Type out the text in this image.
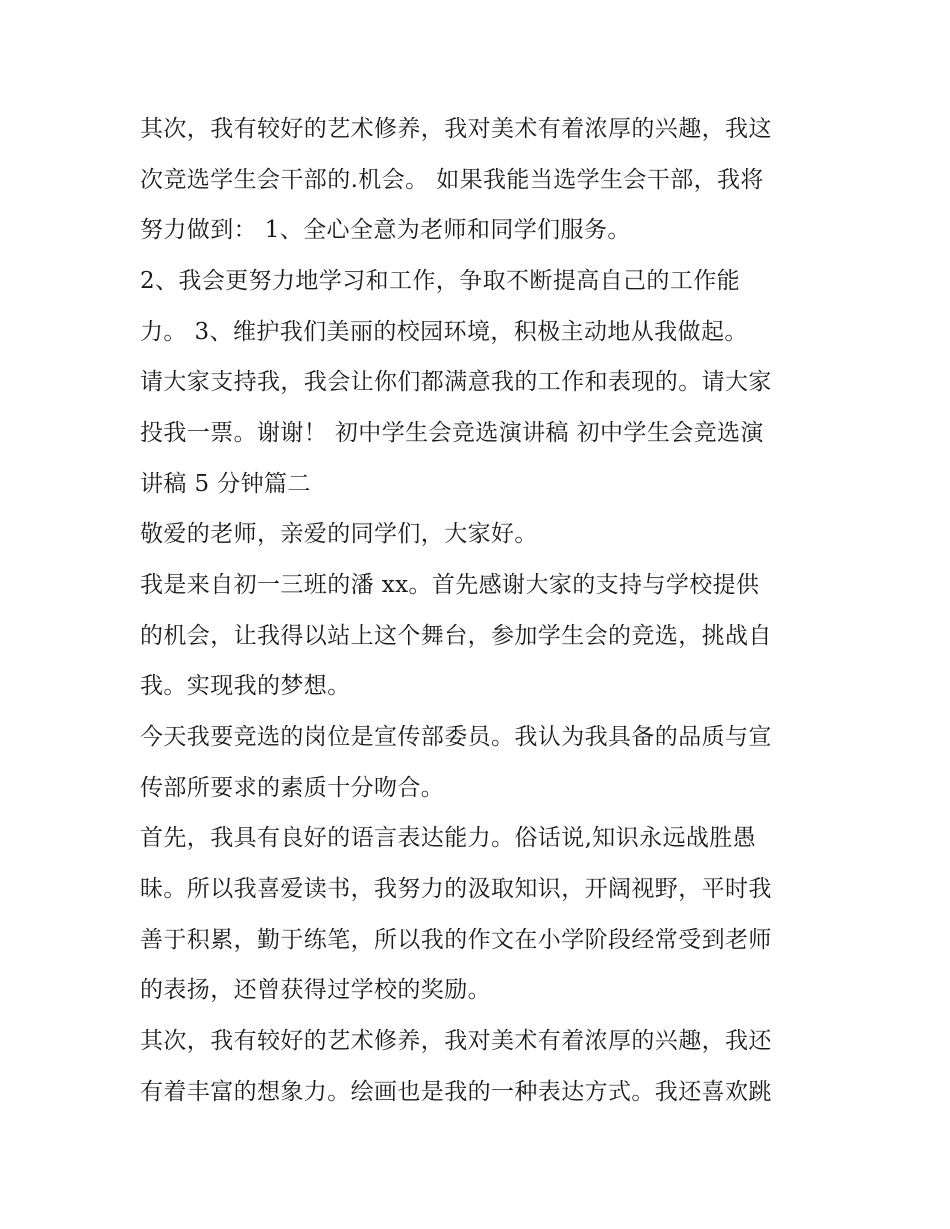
其次，我有较好的艺术修养，我对美术有着浓厚的兴趣，我这
次竞选学生会干部的.机会。 如果我能当选学生会干部，我将
努力做到： 1、全心全意为老师和同学们服务。
2、我会更努力地学习和工作，争取不断提高自己的工作能
力。 3、维护我们美丽的校园环境，积极主动地从我做起。
请大家支持我，我会让你们都满意我的工作和表现的。请大家
投我一票。谢谢！ 初中学生会竞选演讲稿 初中学生会竞选演
讲稿 5 分钟篇二
敬爱的老师，亲爱的同学们，大家好。
我是来自初一三班的潘 xx。首先感谢大家的支持与学校提供
的机会，让我得以站上这个舞台，参加学生会的竞选，挑战自
我。实现我的梦想。
今天我要竞选的岗位是宣传部委员。我认为我具备的品质与宣
传部所要求的素质十分吻合。
首先，我具有良好的语言表达能力。俗话说,知识永远战胜愚
昧。所以我喜爱读书，我努力的汲取知识，开阔视野，平时我
善于积累，勤于练笔，所以我的作文在小学阶段经常受到老师
的表扬，还曾获得过学校的奖励。
其次，我有较好的艺术修养，我对美术有着浓厚的兴趣，我还
有着丰富的想象力。绘画也是我的一种表达方式。我还喜欢跳
